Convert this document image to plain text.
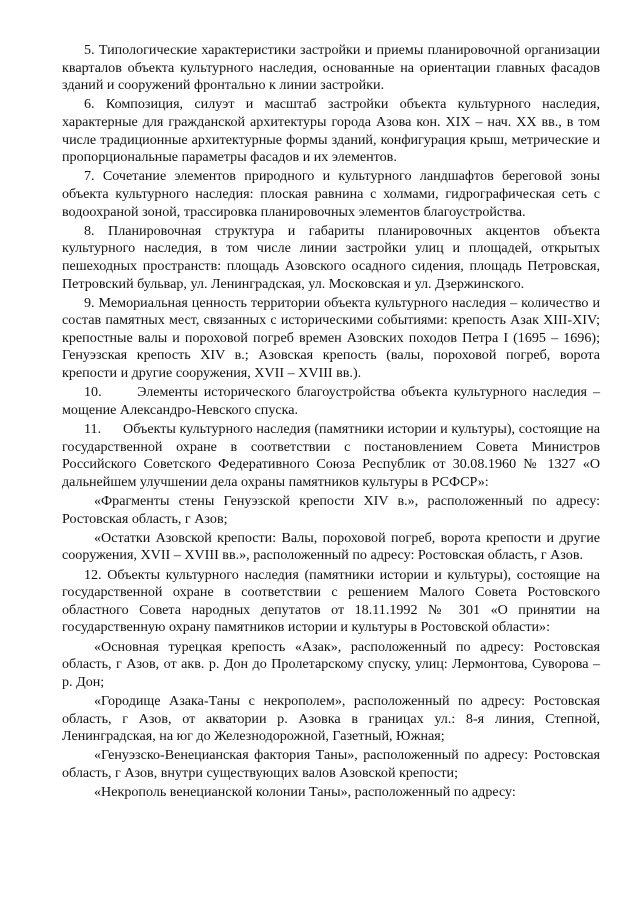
5. Типологические характеристики застройки и приемы планировочной организации кварталов объекта культурного наследия, основанные на ориентации главных фасадов зданий и сооружений фронтально к линии застройки.

6. Композиция, силуэт и масштаб застройки объекта культурного наследия, характерные для гражданской архитектуры города Азова кон. XIX – нач. XX вв., в том числе традиционные архитектурные формы зданий, конфигурация крыш, метрические и пропорциональные параметры фасадов и их элементов.

7. Сочетание элементов природного и культурного ландшафтов береговой зоны объекта культурного наследия: плоская равнина с холмами, гидрографическая сеть с водоохраной зоной, трассировка планировочных элементов благоустройства.

8. Планировочная структура и габариты планировочных акцентов объекта культурного наследия, в том числе линии застройки улиц и площадей, открытых пешеходных пространств: площадь Азовского осадного сидения, площадь Петровская, Петровский бульвар, ул. Ленинградская, ул. Московская и ул. Дзержинского.

9. Мемориальная ценность территории объекта культурного наследия – количество и состав памятных мест, связанных с историческими событиями: крепость Азак XIII-XIV; крепостные валы и пороховой погреб времен Азовских походов Петра I (1695 – 1696); Генуэзская крепость XIV в.; Азовская крепость (валы, пороховой погреб, ворота крепости и другие сооружения, XVII – XVIII вв.).

10.      Элементы исторического благоустройства объекта культурного наследия – мощение Александро-Невского спуска.

11.      Объекты культурного наследия (памятники истории и культуры), состоящие на государственной охране в соответствии с постановлением Совета Министров Российского Советского Федеративного Союза Республик от 30.08.1960 № 1327 «О дальнейшем улучшении дела охраны памятников культуры в РСФСР»:

«Фрагменты стены Генуэзской крепости XIV в.», расположенный по адресу: Ростовская область, г Азов;

«Остатки Азовской крепости: Валы, пороховой погреб, ворота крепости и другие сооружения, XVII – XVIII вв.», расположенный по адресу: Ростовская область, г Азов.

12. Объекты культурного наследия (памятники истории и культуры), состоящие на государственной охране в соответствии с решением Малого Совета Ростовского областного Совета народных депутатов от 18.11.1992 № 301 «О принятии на государственную охрану памятников истории и культуры в Ростовской области»:

«Основная турецкая крепость «Азак», расположенный по адресу: Ростовская область, г Азов, от акв. р. Дон до Пролетарскому спуску, улиц: Лермонтова, Суворова – р. Дон;

«Городище Азака-Таны с некрополем», расположенный по адресу: Ростовская область, г Азов, от акватории р. Азовка в границах ул.: 8-я линия, Степной, Ленинградская, на юг до Железнодорожной, Газетный, Южная;

«Генуэзско-Венецианская фактория Таны», расположенный по адресу: Ростовская область, г Азов, внутри существующих валов Азовской крепости;

«Некрополь венецианской колонии Таны», расположенный по адресу:
